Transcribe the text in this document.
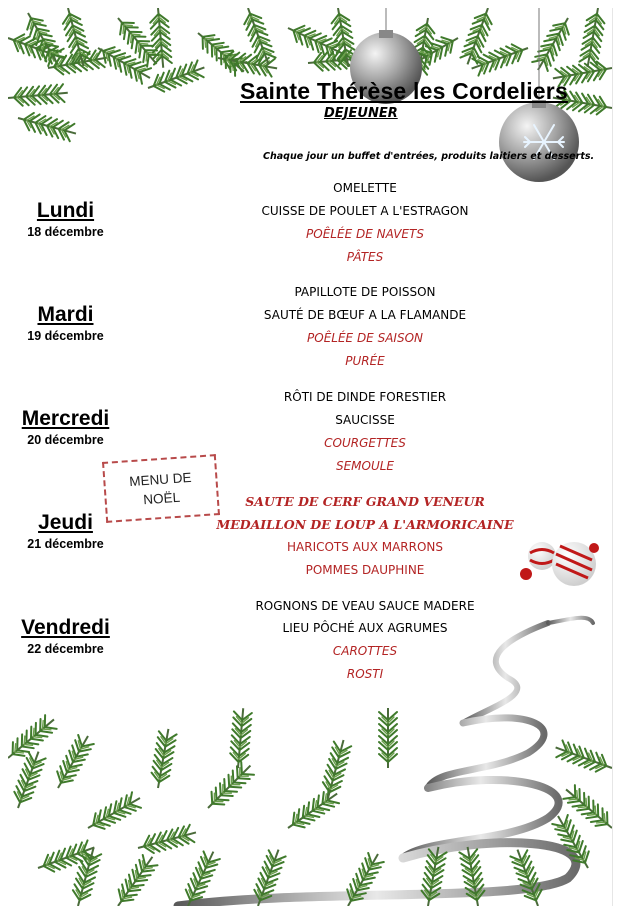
Sainte Thérèse les Cordeliers
DEJEUNER
Chaque jour un buffet d'entrées, produits laitiers et desserts.
Lundi
18 décembre
OMELETTE
CUISSE DE POULET A L'ESTRAGON
POÊLÉE DE NAVETS
PÂTES
Mardi
19 décembre
PAPILLOTE DE POISSON
SAUTÉ DE BŒUF A LA FLAMANDE
POÊLÉE DE SAISON
PURÉE
Mercredi
20 décembre
RÔTI DE DINDE FORESTIER
SAUCISSE
COURGETTES
SEMOULE
MENU DE
NOËL
Jeudi
21 décembre
SAUTE DE CERF GRAND VENEUR
MEDAILLON DE LOUP A L'ARMORICAINE
HARICOTS AUX MARRONS
POMMES DAUPHINE
Vendredi
22 décembre
ROGNONS DE VEAU SAUCE MADERE
LIEU PÔCHÉ AUX AGRUMES
CAROTTES
ROSTI
